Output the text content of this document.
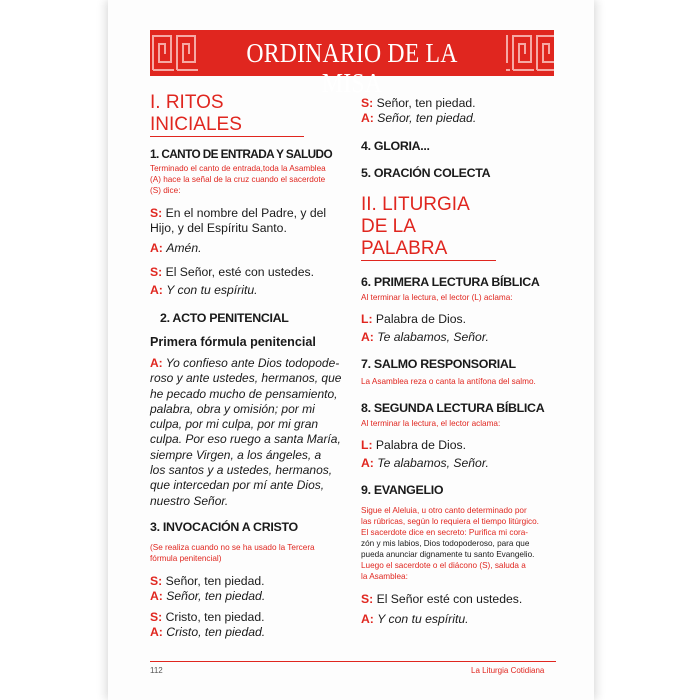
ORDINARIO DE LA MISA

I. RITOS INICIALES

1. CANTO DE ENTRADA Y SALUDO

Terminado el canto de entrada,toda la Asamblea

(A) hace la señal de la cruz cuando el sacerdote

(S) dice:

S: En el nombre del Padre, y del

Hijo, y del Espíritu Santo.

A: Amén.

S: El Señor, esté con ustedes.

A: Y con tu espíritu.

2. ACTO PENITENCIAL

Primera fórmula penitencial

A: Yo confieso ante Dios todopode-

roso y ante ustedes, hermanos, que

he pecado mucho de pensamiento,

palabra, obra y omisión; por mi

culpa, por mi culpa, por mi gran

culpa. Por eso ruego a santa María,

siempre Virgen, a los ángeles, a

los santos y a ustedes, hermanos,

que intercedan por mí ante Dios,

nuestro Señor.

3. INVOCACIÓN A CRISTO

(Se realiza cuando no se ha usado la Tercera

fórmula penitencial)

S: Señor, ten piedad.

A: Señor, ten piedad.

S: Cristo, ten piedad.

A: Cristo, ten piedad.

S: Señor, ten piedad.

A: Señor, ten piedad.

4. GLORIA...

5. ORACIÓN COLECTA

II. LITURGIA

DE LA PALABRA

6. PRIMERA LECTURA BÍBLICA

Al terminar la lectura, el lector (L) aclama:

L: Palabra de Dios.

A: Te alabamos, Señor.

7. SALMO RESPONSORIAL

La Asamblea reza o canta la antífona del salmo.

8. SEGUNDA LECTURA BÍBLICA

Al terminar la lectura, el lector aclama:

L: Palabra de Dios.

A: Te alabamos, Señor.

9. EVANGELIO

Sigue el Aleluia, u otro canto determinado por

las rúbricas, según lo requiera el tiempo litúrgico.

El sacerdote dice en secreto: Purifica mi cora-

zón y mis labios, Dios todopoderoso, para que

pueda anunciar dignamente tu santo Evangelio.

Luego el sacerdote o el diácono (S), saluda a

la Asamblea:

S: El Señor esté con ustedes.

A: Y con tu espíritu.

112	La Liturgia Cotidiana
